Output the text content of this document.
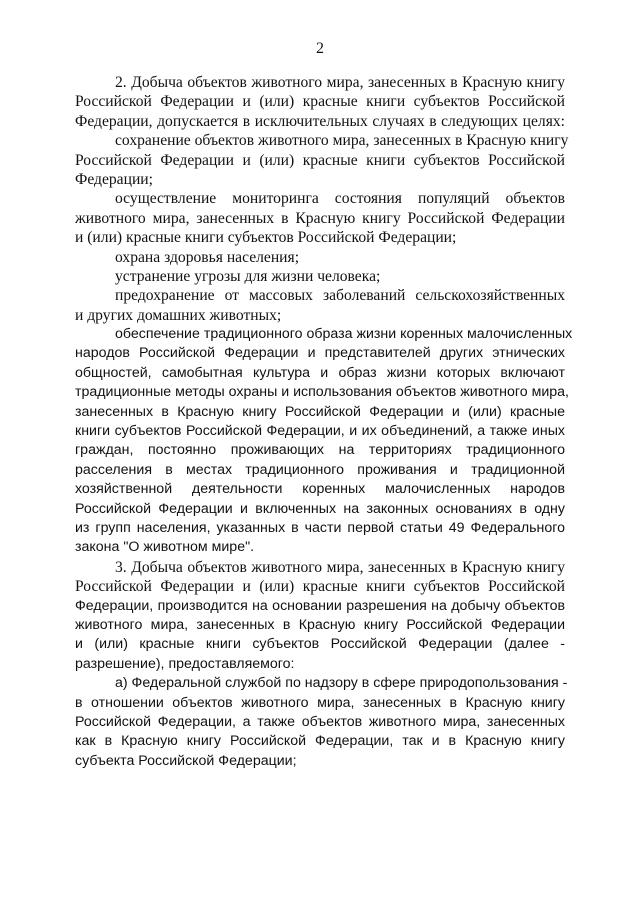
2
2. Добыча объектов животного мира, занесенных в Красную книгу
Российской Федерации и (или) красные книги субъектов Российской
Федерации, допускается в исключительных случаях в следующих целях:
сохранение объектов животного мира, занесенных в Красную книгу
Российской Федерации и (или) красные книги субъектов Российской
Федерации;
осуществление мониторинга состояния популяций объектов
животного мира, занесенных в Красную книгу Российской Федерации
и (или) красные книги субъектов Российской Федерации;
охрана здоровья населения;
устранение угрозы для жизни человека;
предохранение от массовых заболеваний сельскохозяйственных
и других домашних животных;
обеспечение традиционного образа жизни коренных малочисленных
народов Российской Федерации и представителей других этнических
общностей, самобытная культура и образ жизни которых включают
традиционные методы охраны и использования объектов животного мира,
занесенных в Красную книгу Российской Федерации и (или) красные
книги субъектов Российской Федерации, и их объединений, а также иных
граждан, постоянно проживающих на территориях традиционного
расселения в местах традиционного проживания и традиционной
хозяйственной деятельности коренных малочисленных народов
Российской Федерации и включенных на законных основаниях в одну
из групп населения, указанных в части первой статьи 49 Федерального
закона "О животном мире".
3. Добыча объектов животного мира, занесенных в Красную книгу
Российской Федерации и (или) красные книги субъектов Российской
Федерации, производится на основании разрешения на добычу объектов
животного мира, занесенных в Красную книгу Российской Федерации
и (или) красные книги субъектов Российской Федерации (далее -
разрешение), предоставляемого:
а) Федеральной службой по надзору в сфере природопользования -
в отношении объектов животного мира, занесенных в Красную книгу
Российской Федерации, а также объектов животного мира, занесенных
как в Красную книгу Российской Федерации, так и в Красную книгу
субъекта Российской Федерации;
